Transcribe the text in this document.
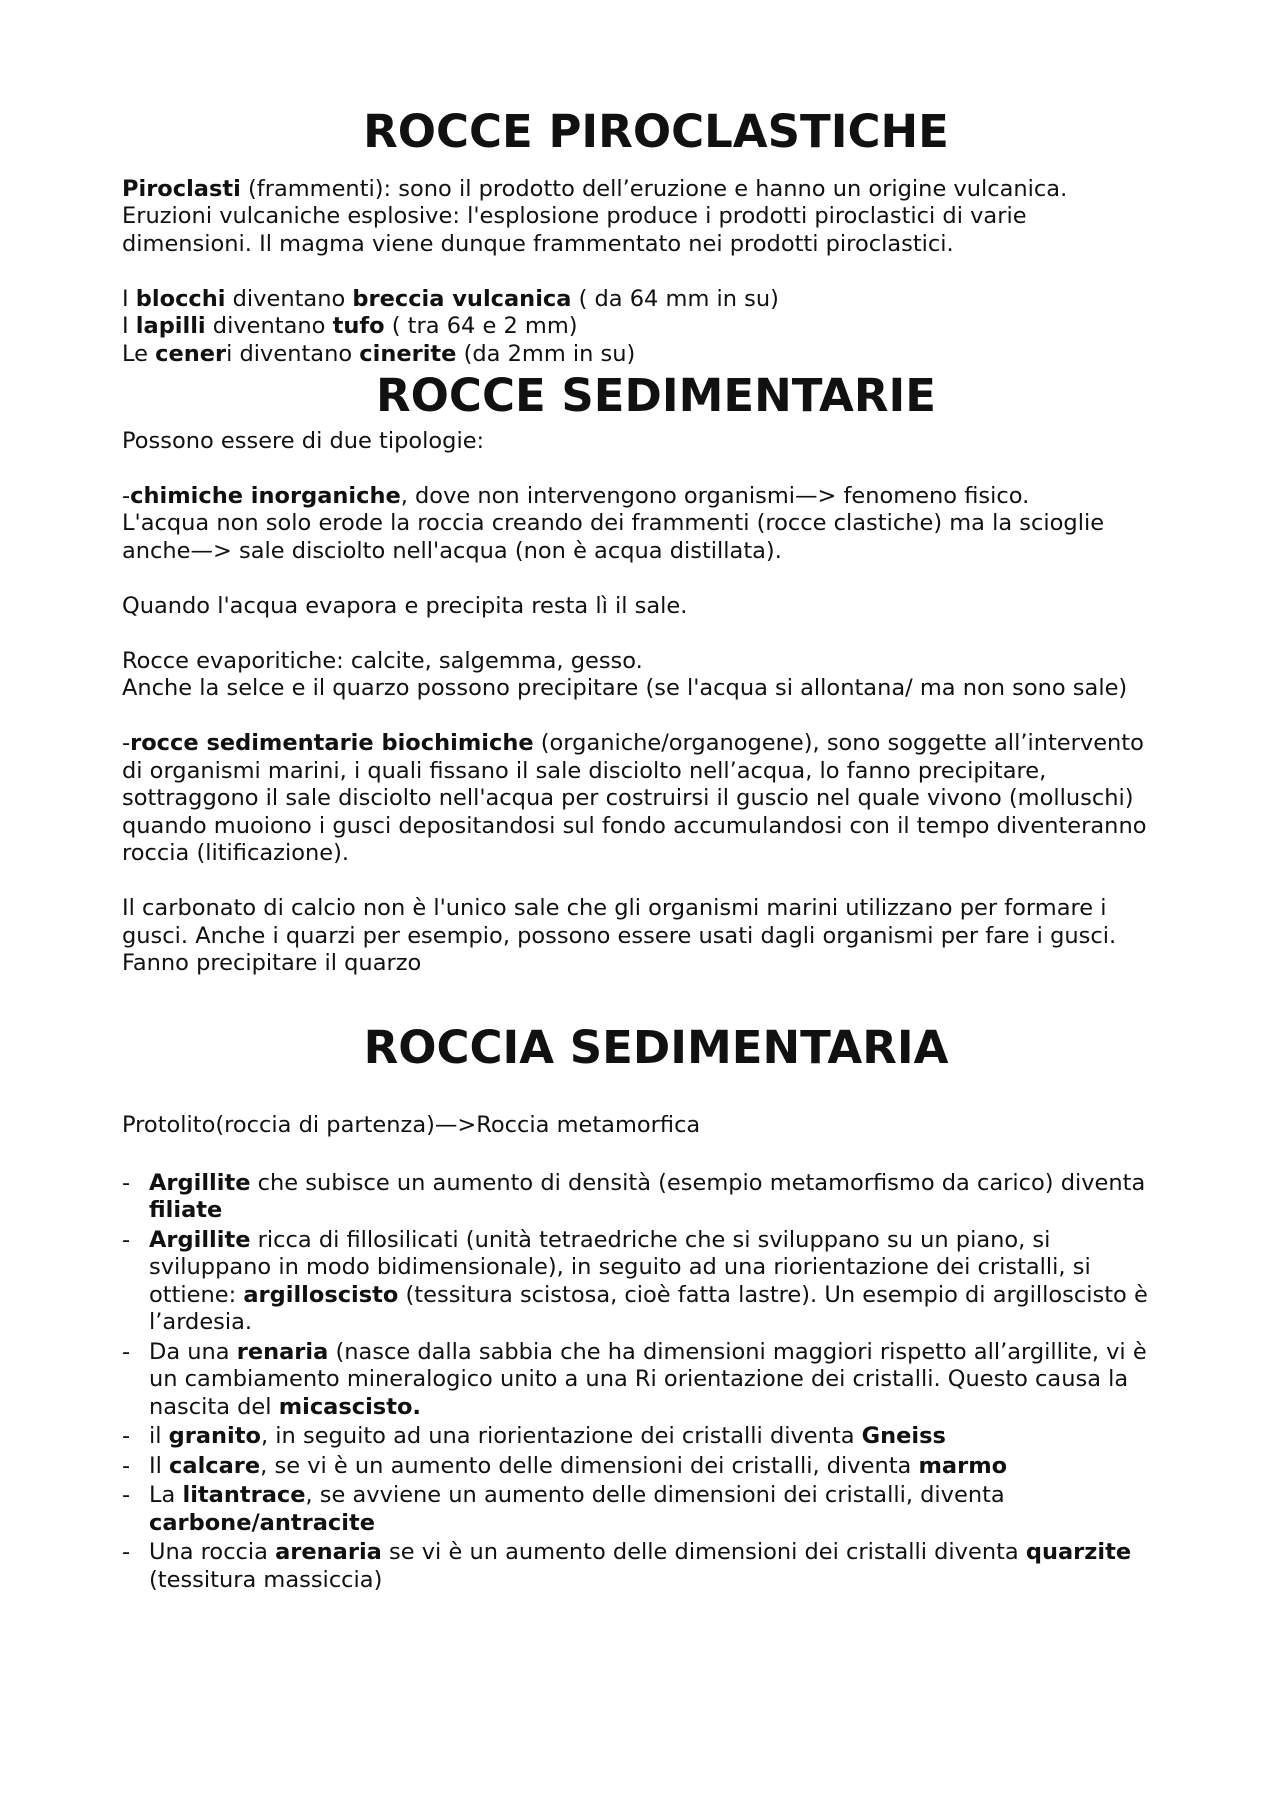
ROCCE PIROCLASTICHE

Piroclasti (frammenti): sono il prodotto dell’eruzione e hanno un origine vulcanica.

Eruzioni vulcaniche esplosive: l'esplosione produce i prodotti piroclastici di varie dimensioni. Il magma viene dunque frammentato nei prodotti piroclastici.

I blocchi diventano breccia vulcanica ( da 64 mm in su)

I lapilli diventano tufo ( tra 64 e 2 mm)

Le ceneri diventano cinerite (da 2mm in su)

ROCCE SEDIMENTARIE

Possono essere di due tipologie:

-chimiche inorganiche, dove non intervengono organismi—> fenomeno fisico.

L'acqua non solo erode la roccia creando dei frammenti (rocce clastiche) ma la scioglie anche—> sale disciolto nell'acqua (non è acqua distillata).

Quando l'acqua evapora e precipita resta lì il sale.

Rocce evaporitiche: calcite, salgemma, gesso.

Anche la selce e il quarzo possono precipitare (se l'acqua si allontana/ ma non sono sale)

-rocce sedimentarie biochimiche (organiche/organogene), sono soggette all’intervento di organismi marini, i quali fissano il sale disciolto nell’acqua, lo fanno precipitare, sottraggono il sale disciolto nell'acqua per costruirsi il guscio nel quale vivono (molluschi) quando muoiono i gusci depositandosi sul fondo accumulandosi con il tempo diventeranno roccia (litificazione).

Il carbonato di calcio non è l'unico sale che gli organismi marini utilizzano per formare i gusci. Anche i quarzi per esempio, possono essere usati dagli organismi per fare i gusci. Fanno precipitare il quarzo

ROCCIA SEDIMENTARIA

Protolito(roccia di partenza)—>Roccia metamorfica

- Argillite che subisce un aumento di densità (esempio metamorfismo da carico) diventa filiate
- Argillite ricca di fillosilicati (unità tetraedriche che si sviluppano su un piano, si sviluppano in modo bidimensionale), in seguito ad una riorientazione dei cristalli, si ottiene: argilloscisto (tessitura scistosa, cioè fatta lastre). Un esempio di argilloscisto è l’ardesia.
- Da una renaria (nasce dalla sabbia che ha dimensioni maggiori rispetto all’argillite, vi è un cambiamento mineralogico unito a una Ri orientazione dei cristalli. Questo causa la nascita del micascisto.
- il granito, in seguito ad una riorientazione dei cristalli diventa Gneiss
- Il calcare, se vi è un aumento delle dimensioni dei cristalli, diventa marmo
- La litantrace, se avviene un aumento delle dimensioni dei cristalli, diventa carbone/antracite
- Una roccia arenaria se vi è un aumento delle dimensioni dei cristalli diventa quarzite (tessitura massiccia)
